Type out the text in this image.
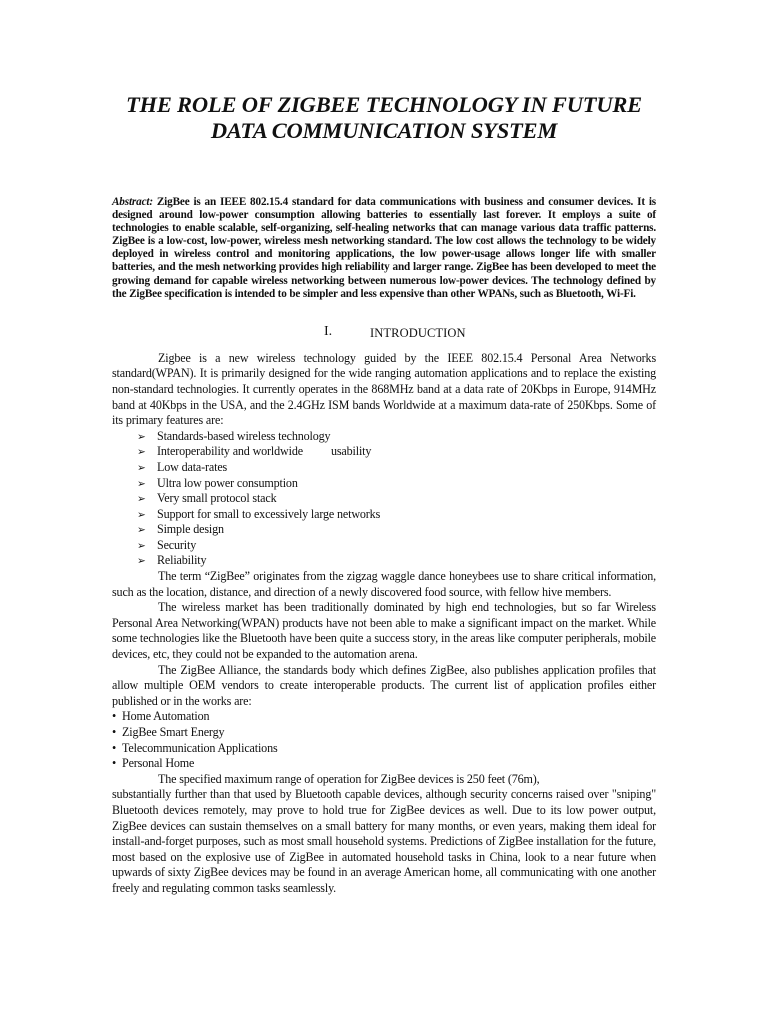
THE ROLE OF ZIGBEE TECHNOLOGY IN FUTURE
DATA COMMUNICATION SYSTEM

Abstract: ZigBee is an IEEE 802.15.4 standard for data communications with business and consumer devices. It is designed around low-power consumption allowing batteries to essentially last forever. It employs a suite of technologies to enable scalable, self-organizing, self-healing networks that can manage various data traffic patterns. ZigBee is a low-cost, low-power, wireless mesh networking standard. The low cost allows the technology to be widely deployed in wireless control and monitoring applications, the low power-usage allows longer life with smaller batteries, and the mesh networking provides high reliability and larger range. ZigBee has been developed to meet the growing demand for capable wireless networking between numerous low-power devices. The technology defined by the ZigBee specification is intended to be simpler and less expensive than other WPANs, such as Bluetooth, Wi-Fi.

I.	INTRODUCTION

Zigbee is a new wireless technology guided by the IEEE 802.15.4 Personal Area Networks standard(WPAN). It is primarily designed for the wide ranging automation applications and to replace the existing non-standard technologies. It currently operates in the 868MHz band at a data rate of 20Kbps in Europe, 914MHz band at 40Kbps in the USA, and the 2.4GHz ISM bands Worldwide at a maximum data-rate of 250Kbps. Some of its primary features are:

➢ Standards-based wireless technology
➢ Interoperability and worldwide usability
➢ Low data-rates
➢ Ultra low power consumption
➢ Very small protocol stack
➢ Support for small to excessively large networks
➢ Simple design
➢ Security
➢ Reliability

The term “ZigBee” originates from the zigzag waggle dance honeybees use to share critical information, such as the location, distance, and direction of a newly discovered food source, with fellow hive members.

The wireless market has been traditionally dominated by high end technologies, but so far Wireless Personal Area Networking(WPAN) products have not been able to make a significant impact on the market. While some technologies like the Bluetooth have been quite a success story, in the areas like computer peripherals, mobile devices, etc, they could not be expanded to the automation arena.

The ZigBee Alliance, the standards body which defines ZigBee, also publishes application profiles that allow multiple OEM vendors to create interoperable products. The current list of application profiles either published or in the works are:

• Home Automation
• ZigBee Smart Energy
• Telecommunication Applications
• Personal Home

The specified maximum range of operation for ZigBee devices is 250 feet (76m),

substantially further than that used by Bluetooth capable devices, although security concerns raised over "sniping" Bluetooth devices remotely, may prove to hold true for ZigBee devices as well. Due to its low power output, ZigBee devices can sustain themselves on a small battery for many months, or even years, making them ideal for install-and-forget purposes, such as most small household systems. Predictions of ZigBee installation for the future, most based on the explosive use of ZigBee in automated household tasks in China, look to a near future when upwards of sixty ZigBee devices may be found in an average American home, all communicating with one another freely and regulating common tasks seamlessly.
